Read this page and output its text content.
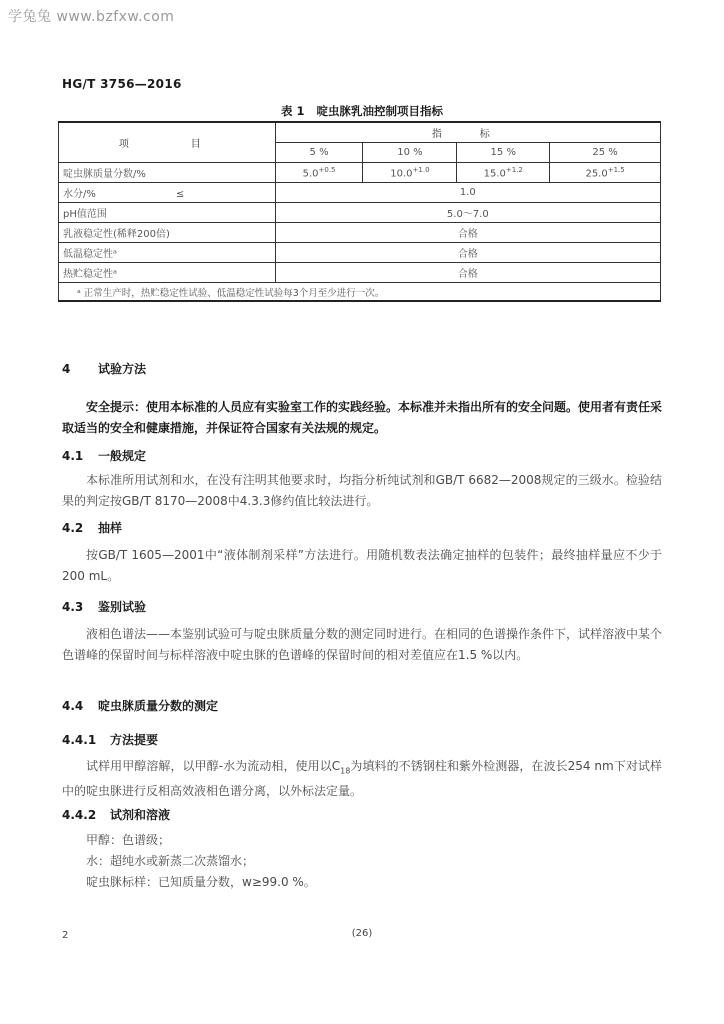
学兔兔 www.bzfxw.com
HG/T 3756—2016
表 1 啶虫脒乳油控制项目指标
项　　目	指　标			
	5 %	10 %	15 %	25 %
啶虫脒质量分数/%	$5.0^{+0.5}$	$10.0^{+1.0}$	$15.0^{+1.2}$	$25.0^{+1.5}$
水分/%　　　　　　　　≤	1.0			
pH值范围	5.0～7.0			
乳液稳定性(稀释200倍)	合格			
低温稳定性ᵃ	合格			
热贮稳定性ᵃ	合格			
ᵃ 正常生产时，热贮稳定性试验、低温稳定性试验每3个月至少进行一次。				
4 试验方法

安全提示：使用本标准的人员应有实验室工作的实践经验。本标准并未指出所有的安全问题。使用者有责任采取适当的安全和健康措施，并保证符合国家有关法规的规定。

4.1 一般规定

本标准所用试剂和水，在没有注明其他要求时，均指分析纯试剂和GB/T 6682—2008规定的三级水。检验结果的判定按GB/T 8170—2008中4.3.3修约值比较法进行。

4.2 抽样

按GB/T 1605—2001中“液体制剂采样”方法进行。用随机数表法确定抽样的包装件；最终抽样量应不少于200 mL。

4.3 鉴别试验

液相色谱法——本鉴别试验可与啶虫脒质量分数的测定同时进行。在相同的色谱操作条件下，试样溶液中某个色谱峰的保留时间与标样溶液中啶虫脒的色谱峰的保留时间的相对差值应在1.5 %以内。

4.4 啶虫脒质量分数的测定
4.4.1 方法提要

试样用甲醇溶解，以甲醇-水为流动相，使用以$C_{18}$为填料的不锈钢柱和紫外检测器，在波长254 nm下对试样中的啶虫脒进行反相高效液相色谱分离，以外标法定量。

4.4.2 试剂和溶液

甲醇：色谱级；

水：超纯水或新蒸二次蒸馏水；

啶虫脒标样：已知质量分数，w≥99.0 %。

2	(26)
